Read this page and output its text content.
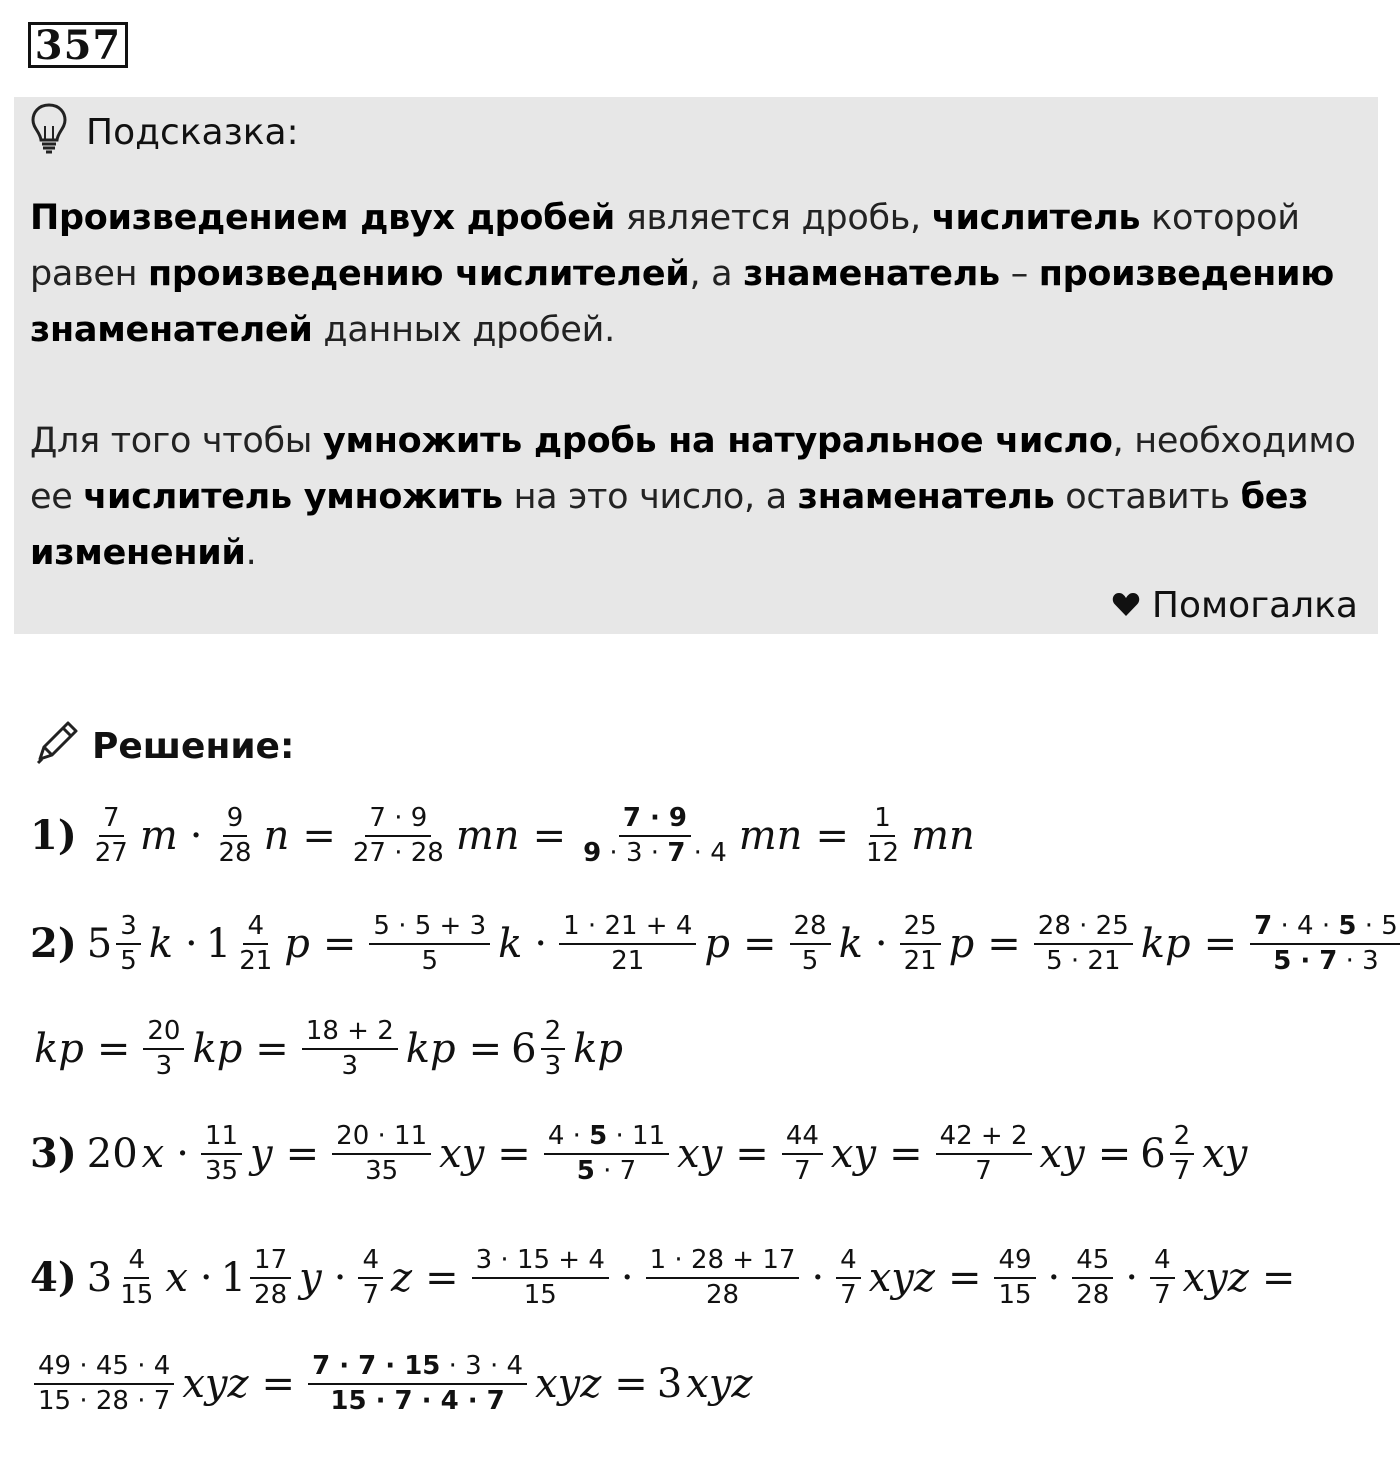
357
Подсказка:
Произведением двух дробей является дробь, числитель которой равен произведению числителей, а знаменатель – произведению знаменателей данных дробей.
Для того чтобы умножить дробь на натуральное число, необходимо ее числитель умножить на это число, а знаменатель оставить без изменений.
Помогалка
Решение:
$1) \frac{7}{27}$ $m \cdot \frac{9}{28}$ $n = \frac{7 \cdot 9}{27 \cdot 28}$ mn = $\frac{7 \cdot 9}{9 \cdot 3 \cdot 7 \cdot 4}$ mn = $\frac{1}{12}$ mn
2) $5 \frac{3}{5}$ $k \cdot 1 \frac{4}{21}$ $p = \frac{5 \cdot 5 + 3}{5}$ $k \cdot \frac{1 \cdot 21 + 4}{21}$ $p = \frac{28}{5}$ $k \cdot \frac{25}{21}$ $p = \frac{28 \cdot 25}{5 \cdot 21}$ kp = $\frac{7 \cdot 4 \cdot 5 \cdot 5}{5 \cdot 7 \cdot 3}$
kp = $\frac{20}{3}$ kp = $\frac{18 + 2}{3}$ kp = $6 \frac{2}{3}$ kp
3) 20 $x \cdot \frac{11}{35}$ $y = \frac{20 \cdot 11}{35}$ xy = $\frac{4 \cdot 5 \cdot 11}{5 \cdot 7}$ xy = $\frac{44}{7}$ xy = $\frac{42 + 2}{7}$ xy = $6 \frac{2}{7}$ xy
4) $3 \frac{4}{15}$ $x \cdot 1 \frac{17}{28}$ $y \cdot \frac{4}{7}$ $z = \frac{3 \cdot 15 + 4}{15} \cdot \frac{1 \cdot 28 + 17}{28} \cdot \frac{4}{7}$ xyz = $\frac{49}{15} \cdot \frac{45}{28} \cdot \frac{4}{7}$ xyz =
$\frac{49 \cdot 45 \cdot 4}{15 \cdot 28 \cdot 7}$ xyz = $\frac{7 \cdot 7 \cdot 15 \cdot 3 \cdot 4}{15 \cdot 7 \cdot 4 \cdot 7}$ xyz = 3 xyz
